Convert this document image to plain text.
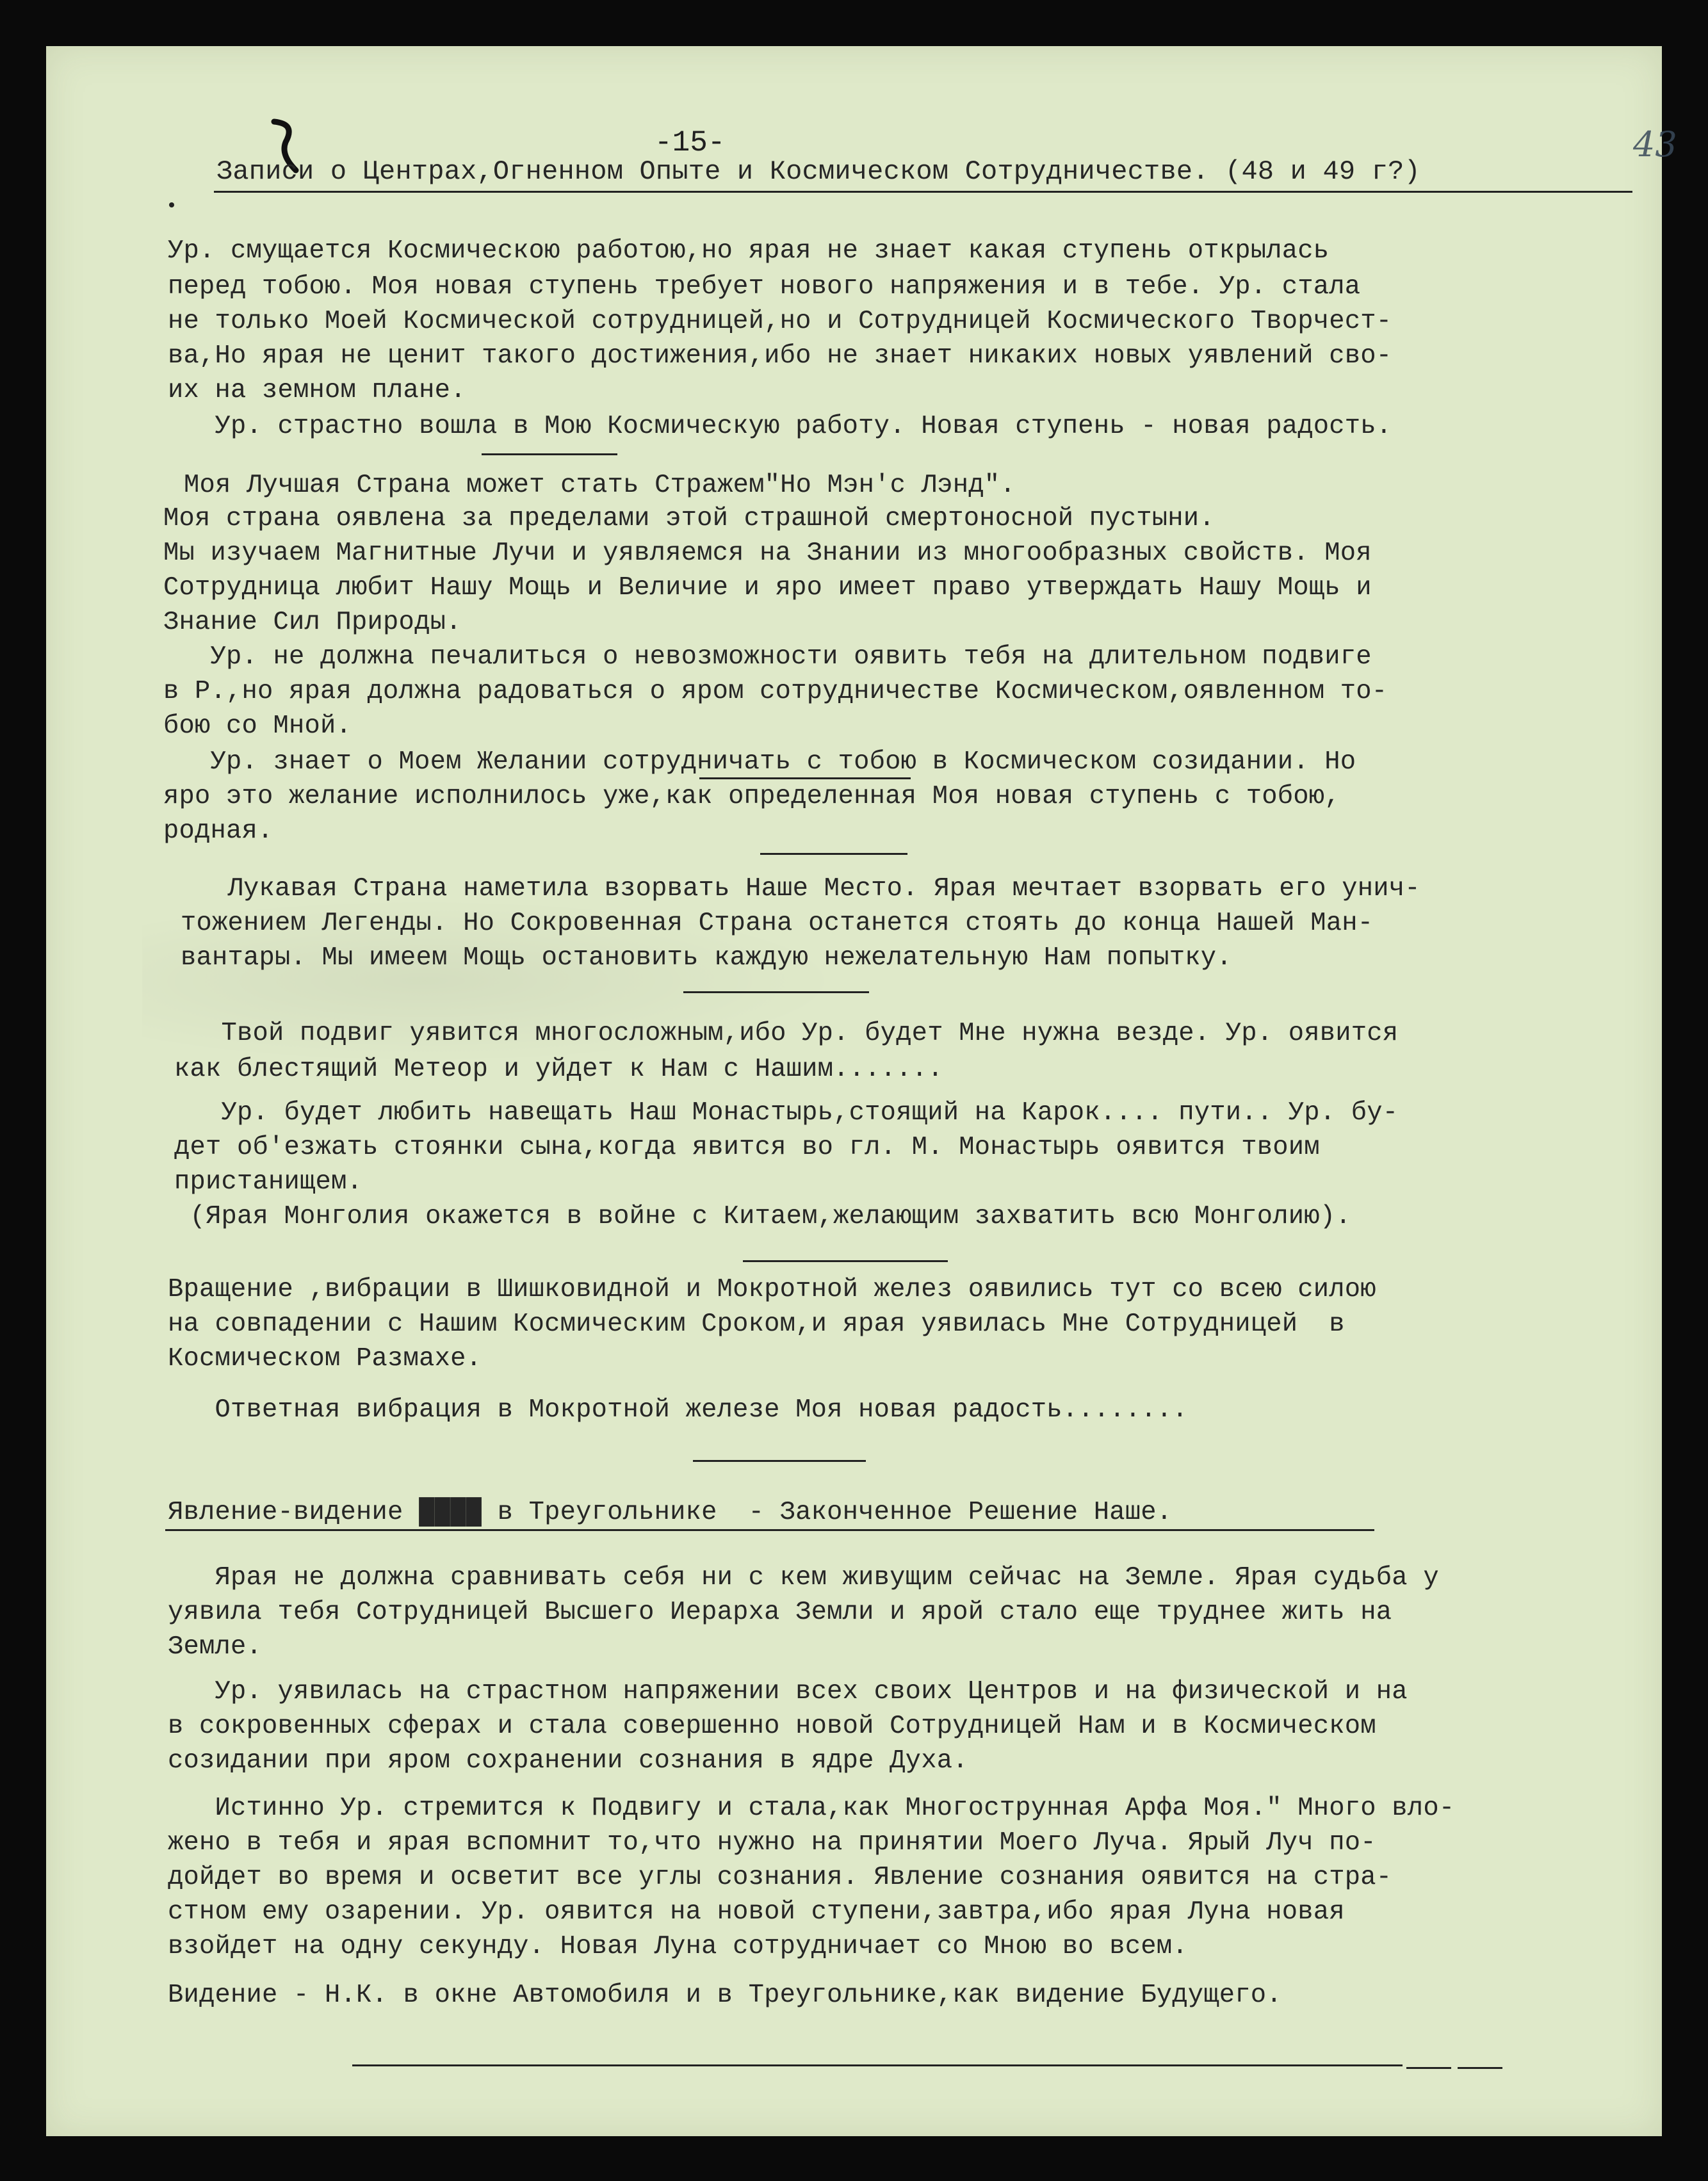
-15-	43
Записи о Центрах,Огненном Опыте и Космическом Сотрудничестве. (48 и 49 г?)
Ур. смущается Космическою работою,но ярая не знает какая ступень открылась
перед тобою. Моя новая ступень требует нового напряжения и в тебе. Ур. стала
не только Моей Космической сотрудницей,но и Сотрудницей Космического Творчест-
ва,Но ярая не ценит такого достижения,ибо не знает никаких новых уявлений сво-
их на земном плане.
Ур. страстно вошла в Мою Космическую работу. Новая ступень - новая радость.
Моя Лучшая Страна может стать Стражем"Но Мэн'с Лэнд".
Моя страна оявлена за пределами этой страшной смертоносной пустыни.
Мы изучаем Магнитные Лучи и уявляемся на Знании из многообразных свойств. Моя
Сотрудница любит Нашу Мощь и Величие и яро имеет право утверждать Нашу Мощь и
Знание Сил Природы.
Ур. не должна печалиться о невозможности оявить тебя на длительном подвиге
в Р.,но ярая должна радоваться о яром сотрудничестве Космическом,оявленном то-
бою со Мной.
Ур. знает о Моем Желании сотрудничать с тобою в Космическом созидании. Но
яро это желание исполнилось уже,как определенная Моя новая ступень с тобою,
родная.
Лукавая Страна наметила взорвать Наше Место. Ярая мечтает взорвать его унич-
тожением Легенды. Но Сокровенная Страна останется стоять до конца Нашей Ман-
вантары. Мы имеем Мощь остановить каждую нежелательную Нам попытку.
Твой подвиг уявится многосложным,ибо Ур. будет Мне нужна везде. Ур. оявится
как блестящий Метеор и уйдет к Нам с Нашим.......
Ур. будет любить навещать Наш Монастырь,стоящий на Карок.... пути.. Ур. бу-
дет об'езжать стоянки сына,когда явится во гл. М. Монастырь оявится твоим
пристанищем.
(Ярая Монголия окажется в войне с Китаем,желающим захватить всю Монголию).
Вращение ,вибрации в Шишковидной и Мокротной желез оявились тут со всею силою
на совпадении с Нашим Космическим Сроком,и ярая уявилась Мне Сотрудницей  в
Космическом Размахе.
Ответная вибрация в Мокротной железе Моя новая радость........
Явление-видение ████ в Треугольнике  - Законченное Решение Наше.
Ярая не должна сравнивать себя ни с кем живущим сейчас на Земле. Ярая судьба у
уявила тебя Сотрудницей Высшего Иерарха Земли и ярой стало еще труднее жить на
Земле.
Ур. уявилась на страстном напряжении всех своих Центров и на физической и на
в сокровенных сферах и стала совершенно новой Сотрудницей Нам и в Космическом
созидании при яром сохранении сознания в ядре Духа.
Истинно Ур. стремится к Подвигу и стала,как Многострунная Арфа Моя." Много вло-
жено в тебя и ярая вспомнит то,что нужно на принятии Моего Луча. Ярый Луч по-
дойдет во время и осветит все углы сознания. Явление сознания оявится на стра-
стном ему озарении. Ур. оявится на новой ступени,завтра,ибо ярая Луна новая
взойдет на одну секунду. Новая Луна сотрудничает со Мною во всем.
Видение - Н.К. в окне Автомобиля и в Треугольнике,как видение Будущего.
